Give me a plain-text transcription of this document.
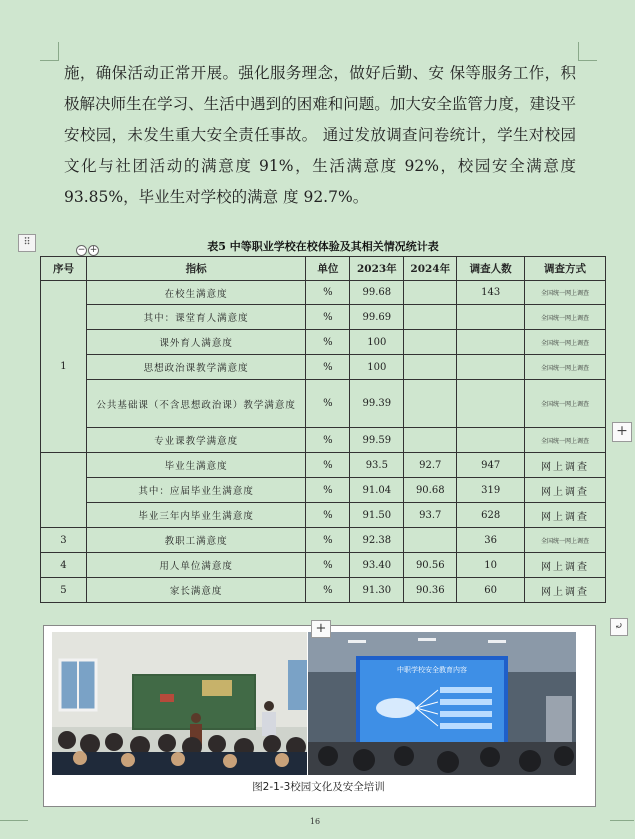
施，确保活动正常开展。强化服务理念，做好后勤、安 保等服务工作，积极解决师生在学习、生活中遇到的困难和问题。加大安全监管力度，建设平安校园，未发生重大安全责任事故。 通过发放调查问卷统计，学生对校园文化与社团活动的满意度 91%，生活满意度 92%，校园安全满意度 93.85%，毕业生对学校的满意 度 92.7%。
⠿
− +	表5 中等职业学校在校体验及其相关情况统计表
序号	指标	单位	2023年	2024年	调查人数	调查方式
1	在校生满意度	%	99.68		143	全国统一网上调查
	其中：课堂育人满意度	%	99.69			全国统一网上调查
	课外育人满意度	%	100			全国统一网上调查
	思想政治课教学满意度	%	100			全国统一网上调查
	公共基础课（不含思想政治课）教学满意度	%	99.39			全国统一网上调查
	专业课教学满意度	%	99.59			全国统一网上调查
	毕业生满意度	%	93.5	92.7	947	网上调查
	其中：应届毕业生满意度	%	91.04	90.68	319	网上调查
	毕业三年内毕业生满意度	%	91.50	93.7	628	网上调查
3	教职工满意度	%	92.38		36	全国统一网上调查
4	用人单位满意度	%	93.40	90.56	10	网上调查
5	家长满意度	%	91.30	90.36	60	网上调查
+
⤾
中职学校安全教育内容
+
图2-1-3校园文化及安全培训
16
